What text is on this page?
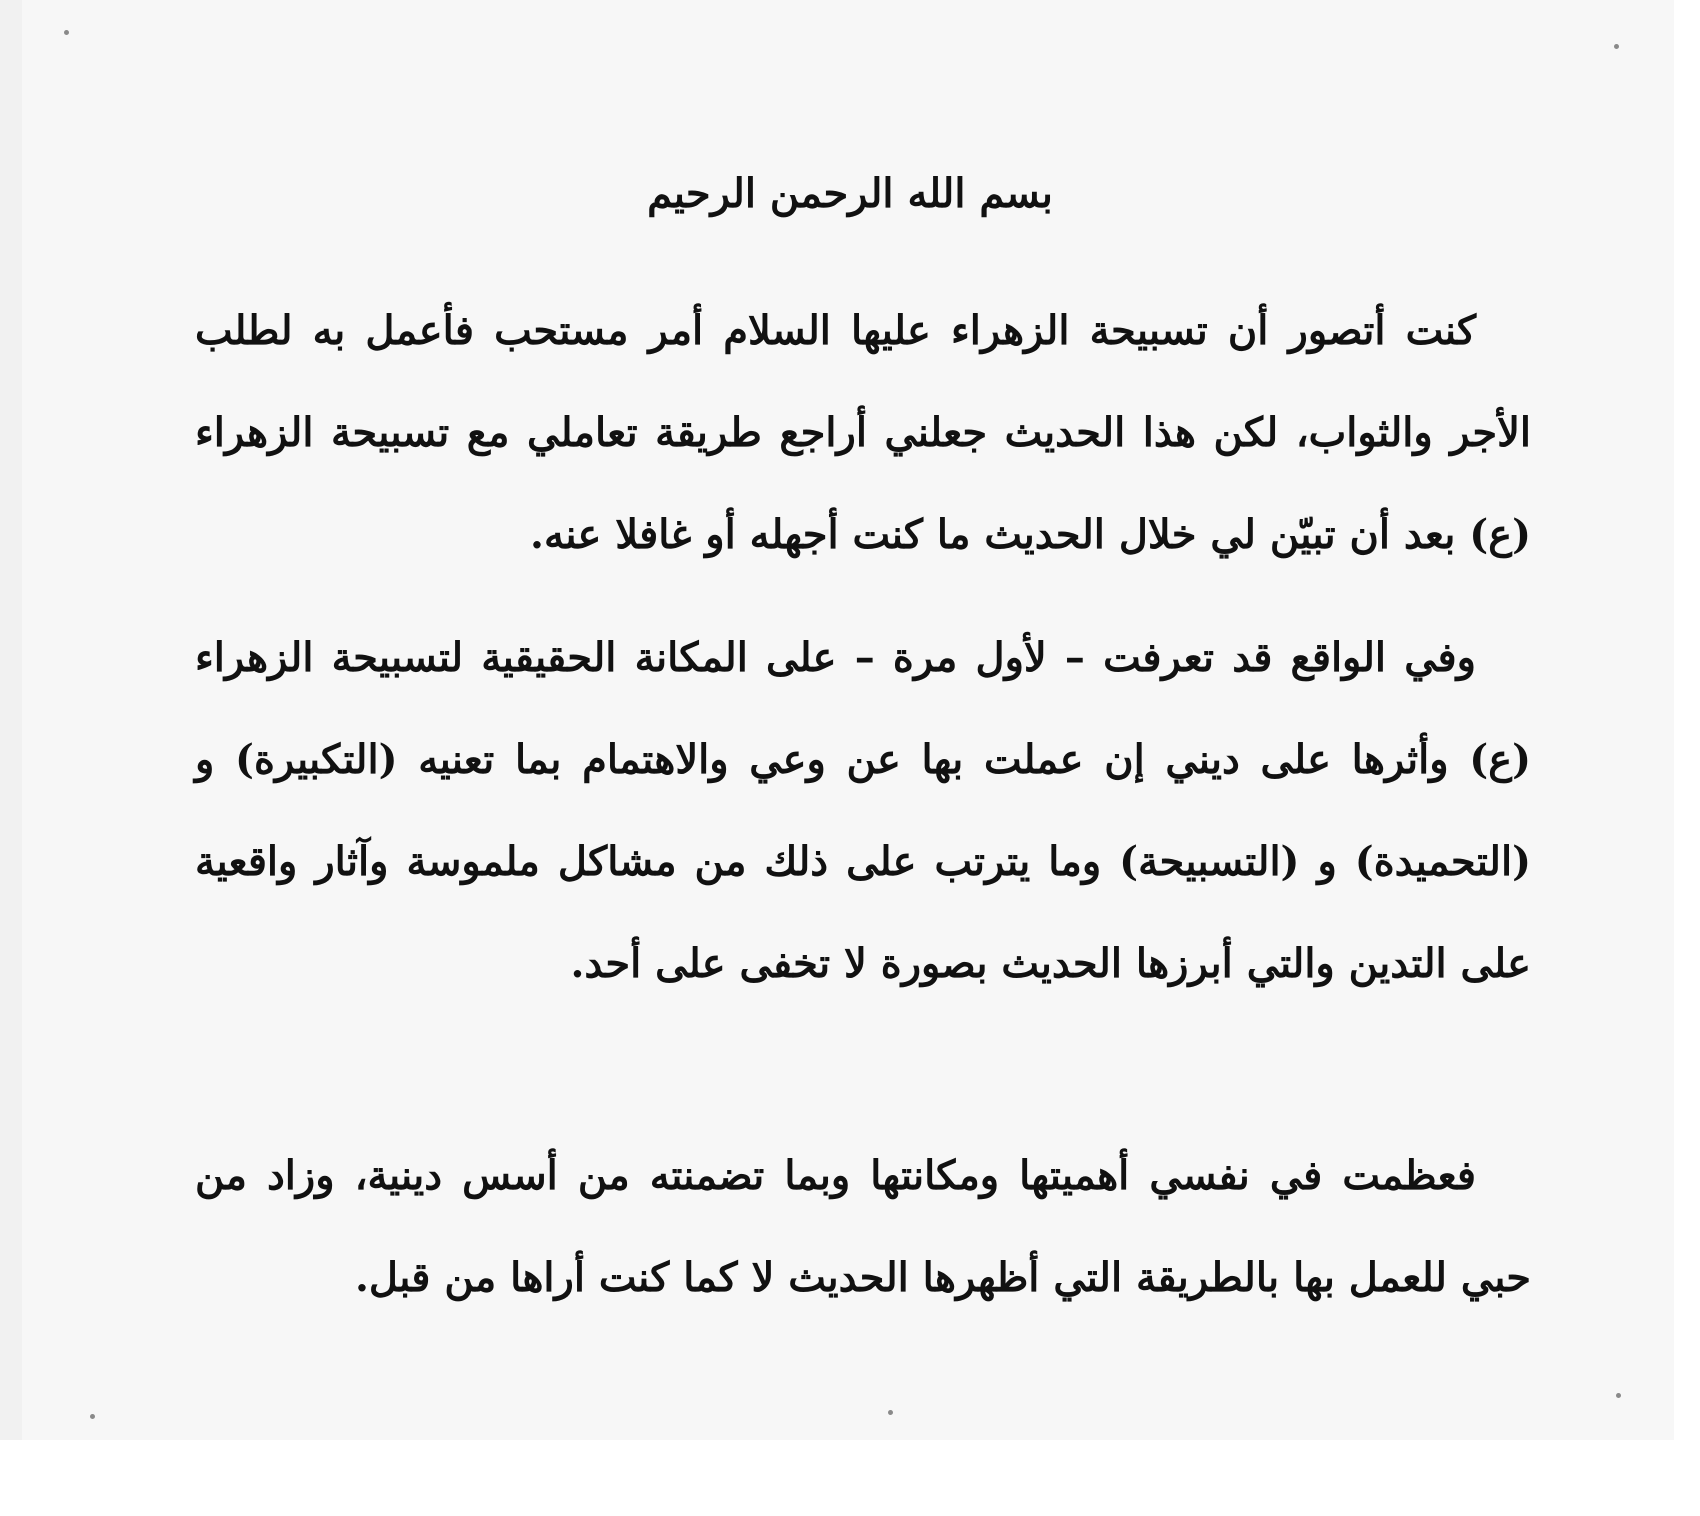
بسم الله الرحمن الرحيم

كنت أتصور أن تسبيحة الزهراء عليها السلام أمر مستحب فأعمل به لطلب الأجر والثواب، لكن هذا الحديث جعلني أراجع طريقة تعاملي مع تسبيحة الزهراء (ع) بعد أن تبيّن لي خلال الحديث ما كنت أجهله أو غافلا عنه.

وفي الواقع قد تعرفت – لأول مرة – على المكانة الحقيقية لتسبيحة الزهراء (ع) وأثرها على ديني إن عملت بها عن وعي والاهتمام بما تعنيه (التكبيرة) و (التحميدة) و (التسبيحة) وما يترتب على ذلك من مشاكل ملموسة وآثار واقعية على التدين والتي أبرزها الحديث بصورة لا تخفى على أحد.

فعظمت في نفسي أهميتها ومكانتها وبما تضمنته من أسس دينية، وزاد من حبي للعمل بها بالطريقة التي أظهرها الحديث لا كما كنت أراها من قبل.
